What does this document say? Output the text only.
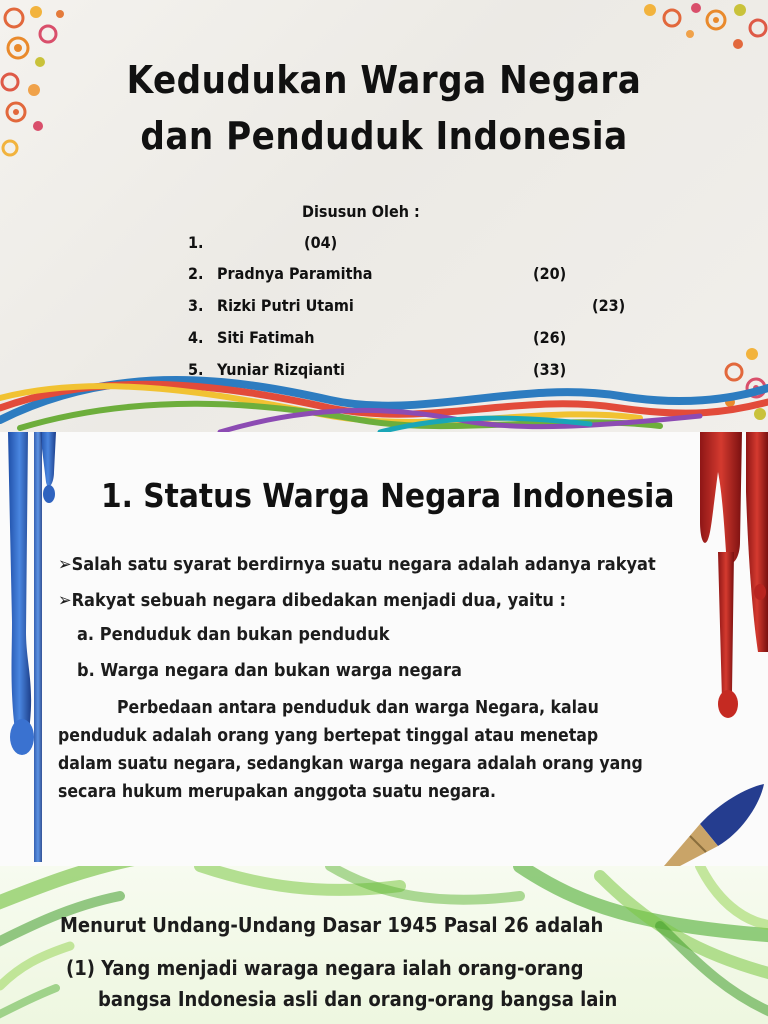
Kedudukan Warga Negara
dan Penduduk Indonesia
Disusun Oleh :
1.	(04)
2. Pradnya Paramitha	(20)
3. Rizki Putri Utami	(23)
4. Siti Fatimah	(26)
5. Yuniar Rizqianti	(33)
1. Status Warga Negara Indonesia
➢Salah satu syarat berdirnya suatu negara adalah adanya rakyat
➢Rakyat sebuah negara dibedakan menjadi dua, yaitu :
a. Penduduk dan bukan penduduk
b. Warga negara dan bukan warga negara
Perbedaan antara penduduk dan warga Negara, kalau
penduduk adalah orang yang bertepat tinggal atau menetap
dalam suatu negara, sedangkan warga negara adalah orang yang
secara hukum merupakan anggota suatu negara.
Menurut Undang-Undang Dasar 1945 Pasal 26 adalah
(1) Yang menjadi waraga negara ialah orang-orang
bangsa Indonesia asli dan orang-orang bangsa lain
